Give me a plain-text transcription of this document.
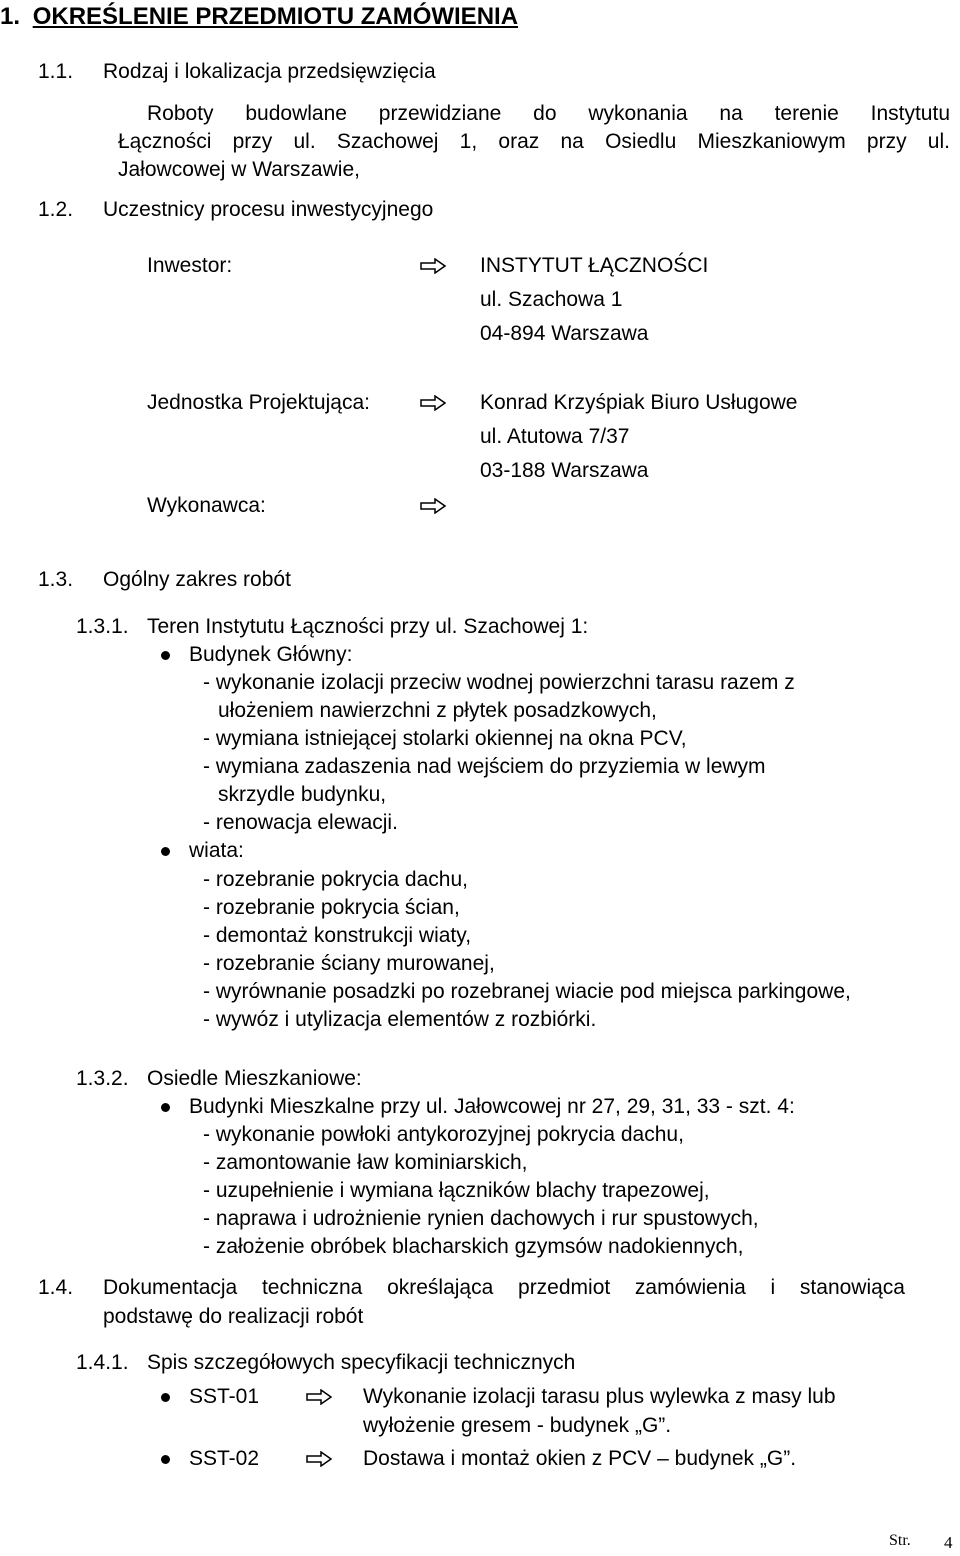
1. OKREŚLENIE PRZEDMIOTU ZAMÓWIENIA
1.1. Rodzaj i lokalizacja przedsięwzięcia
Roboty budowlane przewidziane do wykonania na terenie Instytutu
Łączności przy ul. Szachowej 1, oraz na Osiedlu Mieszkaniowym przy ul.
Jałowcowej w Warszawie,
1.2. Uczestnicy procesu inwestycyjnego
Inwestor:	INSTYTUT ŁĄCZNOŚCI
ul. Szachowa 1
04-894 Warszawa
Jednostka Projektująca:	Konrad Krzyśpiak Biuro Usługowe
ul. Atutowa 7/37
03-188 Warszawa
Wykonawca:
1.3. Ogólny zakres robót
1.3.1. Teren Instytutu Łączności przy ul. Szachowej 1:
Budynek Główny:
- wykonanie izolacji przeciw wodnej powierzchni tarasu razem z
ułożeniem nawierzchni z płytek posadzkowych,
- wymiana istniejącej stolarki okiennej na okna PCV,
- wymiana zadaszenia nad wejściem do przyziemia w lewym
skrzydle budynku,
- renowacja elewacji.
wiata:
- rozebranie pokrycia dachu,
- rozebranie pokrycia ścian,
- demontaż konstrukcji wiaty,
- rozebranie ściany murowanej,
- wyrównanie posadzki po rozebranej wiacie pod miejsca parkingowe,
- wywóz i utylizacja elementów z rozbiórki.
1.3.2. Osiedle Mieszkaniowe:
Budynki Mieszkalne przy ul. Jałowcowej nr 27, 29, 31, 33 - szt. 4:
- wykonanie powłoki antykorozyjnej pokrycia dachu,
- zamontowanie ław kominiarskich,
- uzupełnienie i wymiana łączników blachy trapezowej,
- naprawa i udrożnienie rynien dachowych i rur spustowych,
- założenie obróbek blacharskich gzymsów nadokiennych,
1.4. Dokumentacja techniczna określająca przedmiot zamówienia i stanowiąca
podstawę do realizacji robót
1.4.1. Spis szczegółowych specyfikacji technicznych
SST-01	Wykonanie izolacji tarasu plus wylewka z masy lub
wyłożenie gresem - budynek „G”.
SST-02	Dostawa i montaż okien z PCV – budynek „G”.
Str. 4
